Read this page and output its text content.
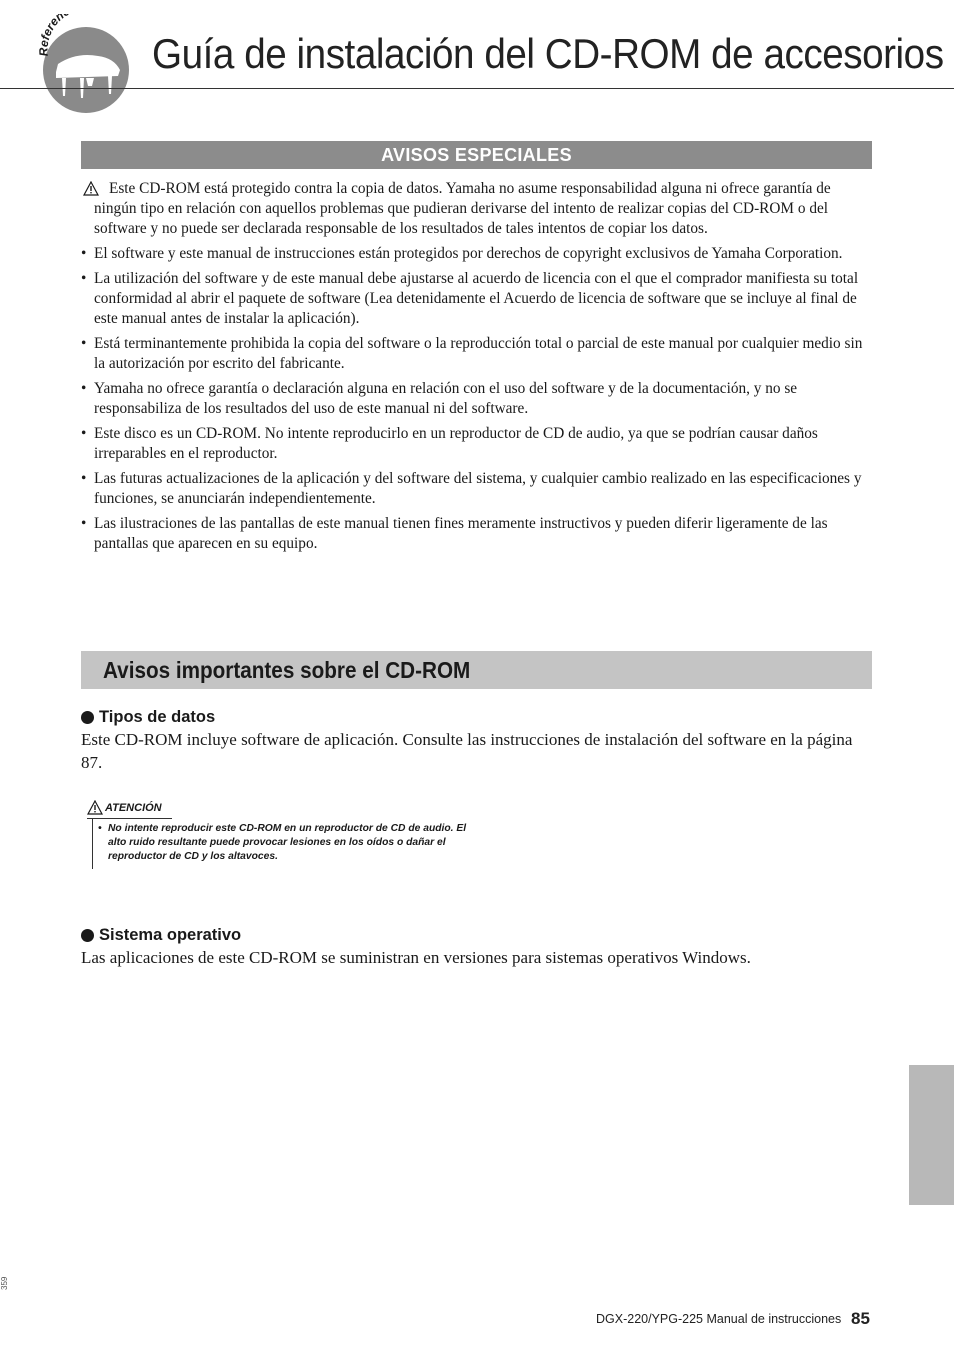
Referen
Guía de instalación del CD-ROM de accesorios
AVISOS ESPECIALES
Este CD-ROM está protegido contra la copia de datos. Yamaha no asume responsabilidad alguna ni ofrece garantía de ningún tipo en relación con aquellos problemas que pudieran derivarse del intento de realizar copias del CD-ROM o del software y no puede ser declarada responsable de los resultados de tales intentos de copiar los datos.
• El software y este manual de instrucciones están protegidos por derechos de copyright exclusivos de Yamaha Corporation.
• La utilización del software y de este manual debe ajustarse al acuerdo de licencia con el que el comprador manifiesta su total conformidad al abrir el paquete de software (Lea detenidamente el Acuerdo de licencia de software que se incluye al final de este manual antes de instalar la aplicación).
• Está terminantemente prohibida la copia del software o la reproducción total o parcial de este manual por cualquier medio sin la autorización por escrito del fabricante.
• Yamaha no ofrece garantía o declaración alguna en relación con el uso del software y de la documentación, y no se responsabiliza de los resultados del uso de este manual ni del software.
• Este disco es un CD-ROM. No intente reproducirlo en un reproductor de CD de audio, ya que se podrían causar daños irreparables en el reproductor.
• Las futuras actualizaciones de la aplicación y del software del sistema, y cualquier cambio realizado en las especificaciones y funciones, se anunciarán independientemente.
• Las ilustraciones de las pantallas de este manual tienen fines meramente instructivos y pueden diferir ligeramente de las pantallas que aparecen en su equipo.
Avisos importantes sobre el CD-ROM
Tipos de datos
Este CD-ROM incluye software de aplicación. Consulte las instrucciones de instalación del software en la página 87.
ATENCIÓN
• No intente reproducir este CD-ROM en un reproductor de CD de audio. El alto ruido resultante puede provocar lesiones en los oídos o dañar el reproductor de CD y los altavoces.
Sistema operativo
Las aplicaciones de este CD-ROM se suministran en versiones para sistemas operativos Windows.
359
DGX-220/YPG-225 Manual de instrucciones 85
